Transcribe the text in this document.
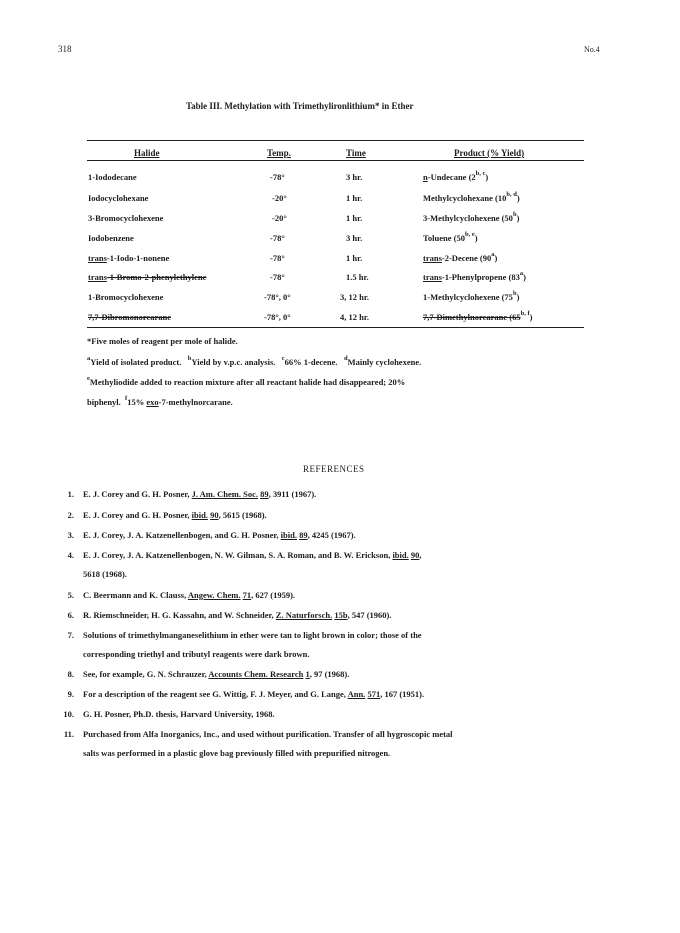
318	No.4
Table III. Methylation with Trimethylironlithium* in Ether
Halide	Temp.	Time	Product (% Yield)
1-Iododecane	-78°	3 hr.	n-Undecane (2$^{b, c}$)
Iodocyclohexane	-20°	1 hr.	Methylcyclohexane (10$^{b, d}$)
3-Bromocyclohexene	-20°	1 hr.	3-Methylcyclohexene (50$^b$)
Iodobenzene	-78°	3 hr.	Toluene (50$^{b, e}$)
trans-1-Iodo-1-nonene	-78°	1 hr.	trans-2-Decene (90$^a$)
trans-1-Bromo-2-phenylethylene	-78°	1.5 hr.	trans-1-Phenylpropene (83$^a$)
1-Bromocyclohexene	-78°, 0°	3, 12 hr.	1-Methylcyclohexene (75$^b$)
7,7-Dibromonorcarane	-78°, 0°	4, 12 hr.	7,7-Dimethylnorcarane (65$^{b, f}$)
*Five moles of reagent per mole of halide.
$^a$Yield of isolated product. $^b$Yield by v.p.c. analysis. $^c$66% 1-decene. $^d$Mainly cyclohexene.
$^e$Methyliodide added to reaction mixture after all reactant halide had disappeared; 20%
biphenyl. $^f$15% exo-7-methylnorcarane.
REFERENCES
1. E. J. Corey and G. H. Posner, J. Am. Chem. Soc. 89, 3911 (1967).
2. E. J. Corey and G. H. Posner, ibid. 90, 5615 (1968).
3. E. J. Corey, J. A. Katzenellenbogen, and G. H. Posner, ibid. 89, 4245 (1967).
4. E. J. Corey, J. A. Katzenellenbogen, N. W. Gilman, S. A. Roman, and B. W. Erickson, ibid. 90,
5618 (1968).
5. C. Beermann and K. Clauss, Angew. Chem. 71, 627 (1959).
6. R. Riemschneider, H. G. Kassahn, and W. Schneider, Z. Naturforsch. 15b, 547 (1960).
7. Solutions of trimethylmanganeselithium in ether were tan to light brown in color; those of the
corresponding triethyl and tributyl reagents were dark brown.
8. See, for example, G. N. Schrauzer, Accounts Chem. Research 1, 97 (1968).
9. For a description of the reagent see G. Wittig, F. J. Meyer, and G. Lange, Ann. 571, 167 (1951).
10. G. H. Posner, Ph.D. thesis, Harvard University, 1968.
11. Purchased from Alfa Inorganics, Inc., and used without purification. Transfer of all hygroscopic metal
salts was performed in a plastic glove bag previously filled with prepurified nitrogen.
